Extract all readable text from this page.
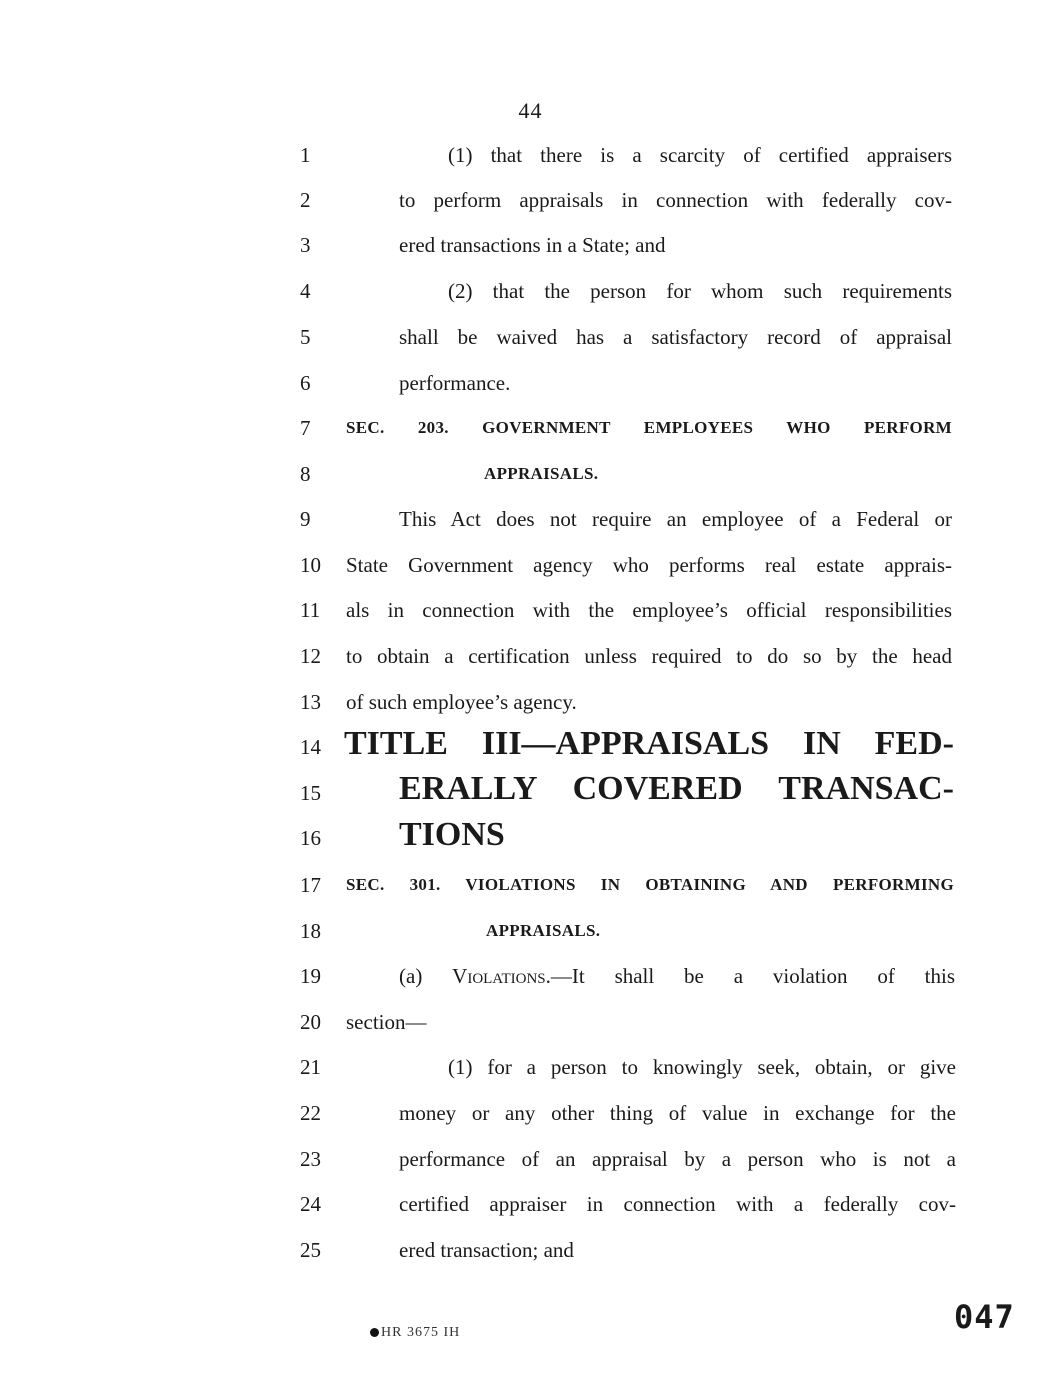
44
1
2
3
4
5
6
7
8
9
10
11
12
13
14
15
16
17
18
19
20
21
22
23
24
25
(1) that there is a scarcity of certified appraisers
to perform appraisals in connection with federally cov-
ered transactions in a State; and
(2) that the person for whom such requirements
shall be waived has a satisfactory record of appraisal
performance.
SEC. 203. GOVERNMENT EMPLOYEES WHO PERFORM
APPRAISALS.
This Act does not require an employee of a Federal or
State Government agency who performs real estate apprais-
als in connection with the employee’s official responsibilities
to obtain a certification unless required to do so by the head
of such employee’s agency.
TITLE III—APPRAISALS IN FED-
ERALLY COVERED TRANSAC-
TIONS
SEC. 301. VIOLATIONS IN OBTAINING AND PERFORMING
APPRAISALS.
(a) Violations.—It shall be a violation of this
section—
(1) for a person to knowingly seek, obtain, or give
money or any other thing of value in exchange for the
performance of an appraisal by a person who is not a
certified appraiser in connection with a federally cov-
ered transaction; and
HR 3675 IH	047
